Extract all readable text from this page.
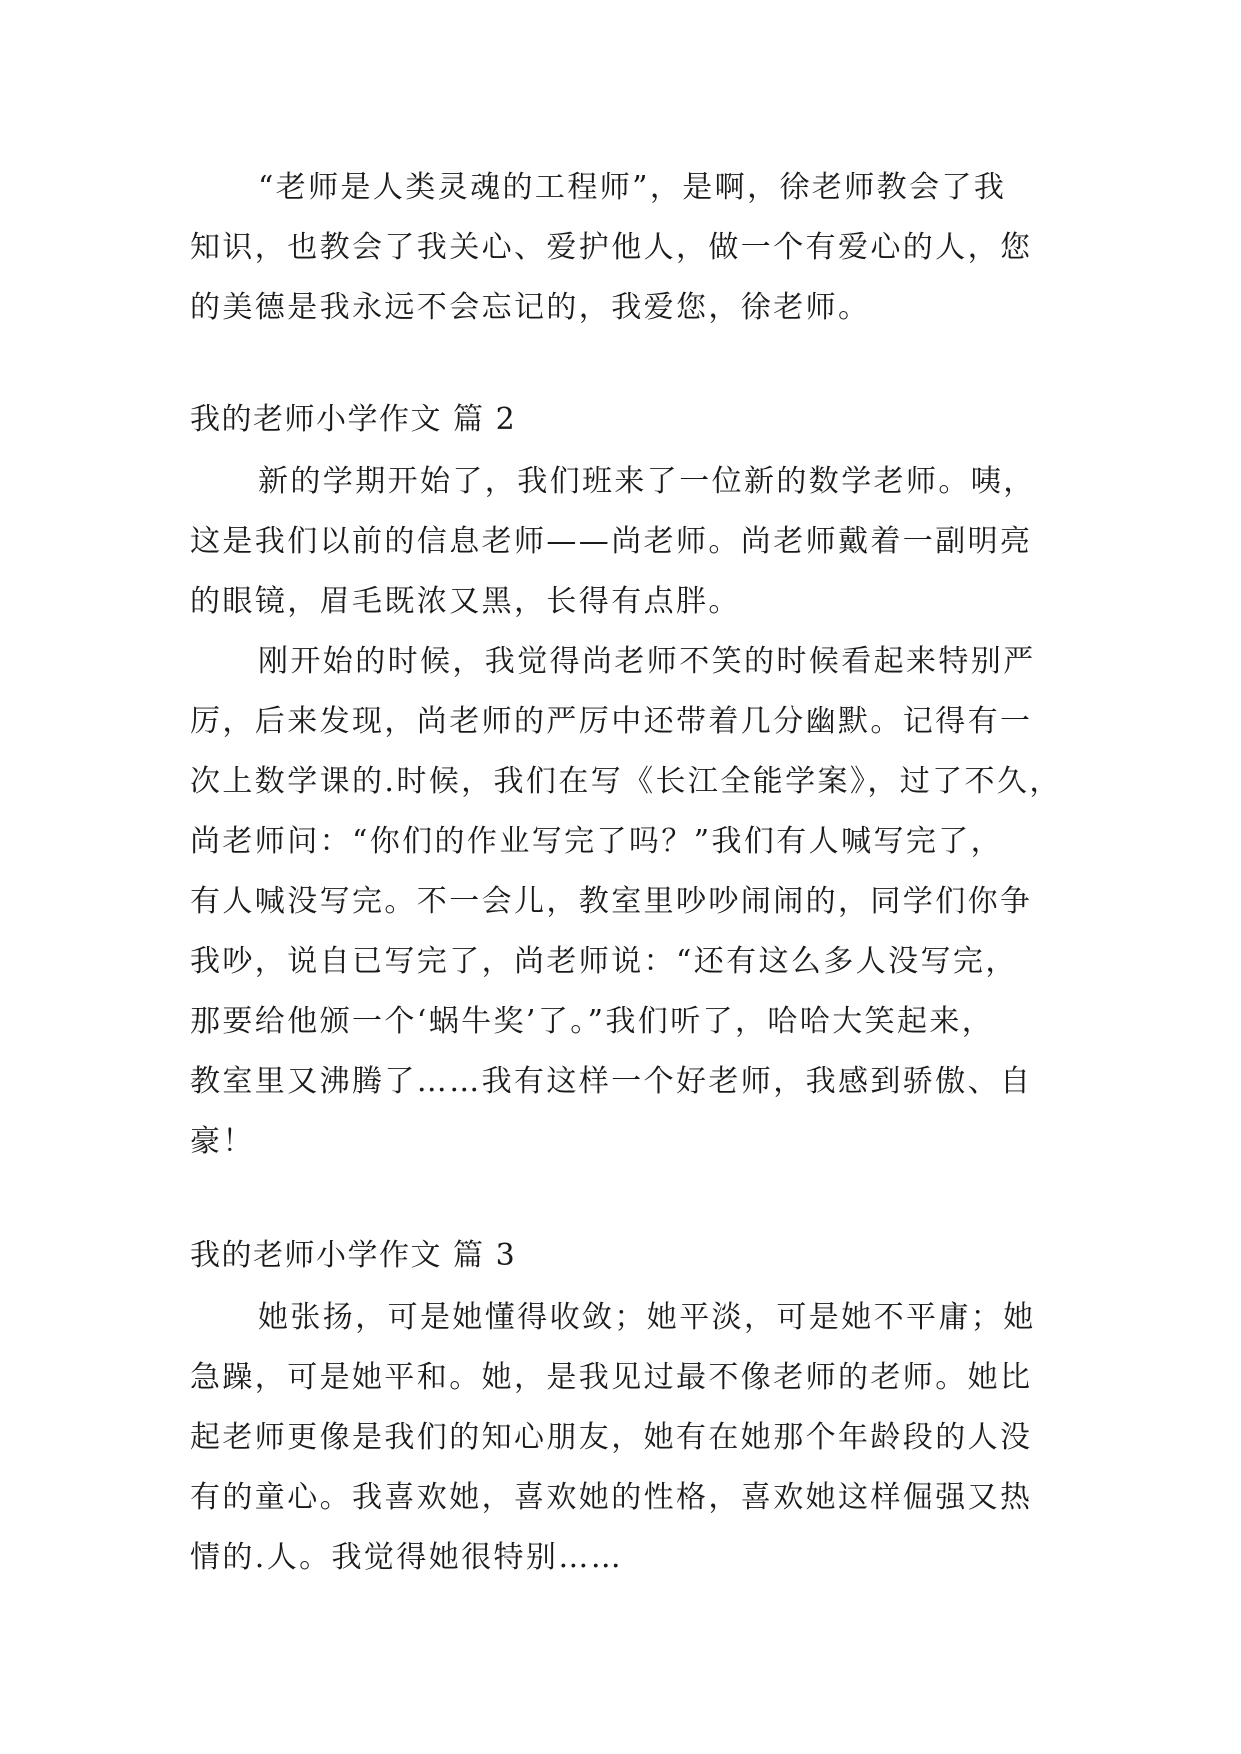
“老师是人类灵魂的工程师”，是啊，徐老师教会了我
知识，也教会了我关心、爱护他人，做一个有爱心的人，您
的美德是我永远不会忘记的，我爱您，徐老师。
我的老师小学作文 篇 2
新的学期开始了，我们班来了一位新的数学老师。咦，
这是我们以前的信息老师——尚老师。尚老师戴着一副明亮
的眼镜，眉毛既浓又黑，长得有点胖。
刚开始的时候，我觉得尚老师不笑的时候看起来特别严
厉，后来发现，尚老师的严厉中还带着几分幽默。记得有一
次上数学课的.时候，我们在写《长江全能学案》，过了不久，
尚老师问：“你们的作业写完了吗？”我们有人喊写完了，
有人喊没写完。不一会儿，教室里吵吵闹闹的，同学们你争
我吵，说自已写完了，尚老师说：“还有这么多人没写完，
那要给他颁一个‘蜗牛奖’了。”我们听了，哈哈大笑起来，
教室里又沸腾了……我有这样一个好老师，我感到骄傲、自
豪！
我的老师小学作文 篇 3
她张扬，可是她懂得收敛；她平淡，可是她不平庸；她
急躁，可是她平和。她，是我见过最不像老师的老师。她比
起老师更像是我们的知心朋友，她有在她那个年龄段的人没
有的童心。我喜欢她，喜欢她的性格，喜欢她这样倔强又热
情的.人。我觉得她很特别……
